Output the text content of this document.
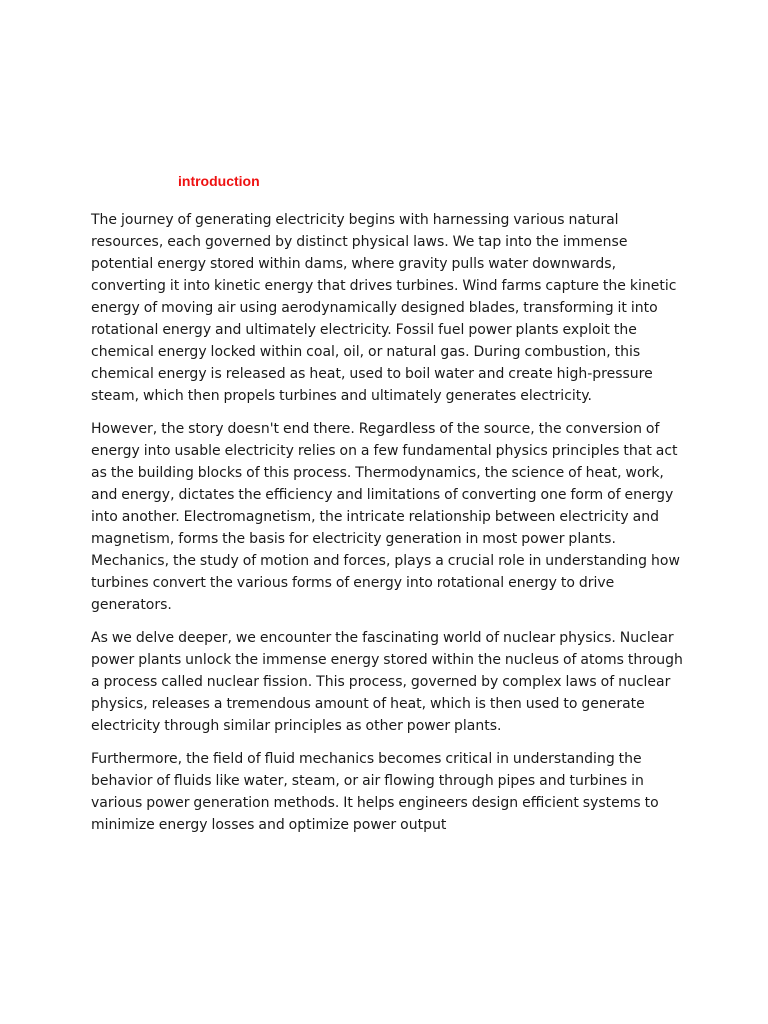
introduction

The journey of generating electricity begins with harnessing various natural resources, each governed by distinct physical laws. We tap into the immense potential energy stored within dams, where gravity pulls water downwards, converting it into kinetic energy that drives turbines. Wind farms capture the kinetic energy of moving air using aerodynamically designed blades, transforming it into rotational energy and ultimately electricity. Fossil fuel power plants exploit the chemical energy locked within coal, oil, or natural gas. During combustion, this chemical energy is released as heat, used to boil water and create high-pressure steam, which then propels turbines and ultimately generates electricity.

However, the story doesn't end there. Regardless of the source, the conversion of energy into usable electricity relies on a few fundamental physics principles that act as the building blocks of this process. Thermodynamics, the science of heat, work, and energy, dictates the efficiency and limitations of converting one form of energy into another. Electromagnetism, the intricate relationship between electricity and magnetism, forms the basis for electricity generation in most power plants. Mechanics, the study of motion and forces, plays a crucial role in understanding how turbines convert the various forms of energy into rotational energy to drive generators.

As we delve deeper, we encounter the fascinating world of nuclear physics. Nuclear power plants unlock the immense energy stored within the nucleus of atoms through a process called nuclear fission. This process, governed by complex laws of nuclear physics, releases a tremendous amount of heat, which is then used to generate electricity through similar principles as other power plants.

Furthermore, the field of fluid mechanics becomes critical in understanding the behavior of fluids like water, steam, or air flowing through pipes and turbines in various power generation methods. It helps engineers design efficient systems to minimize energy losses and optimize power output
